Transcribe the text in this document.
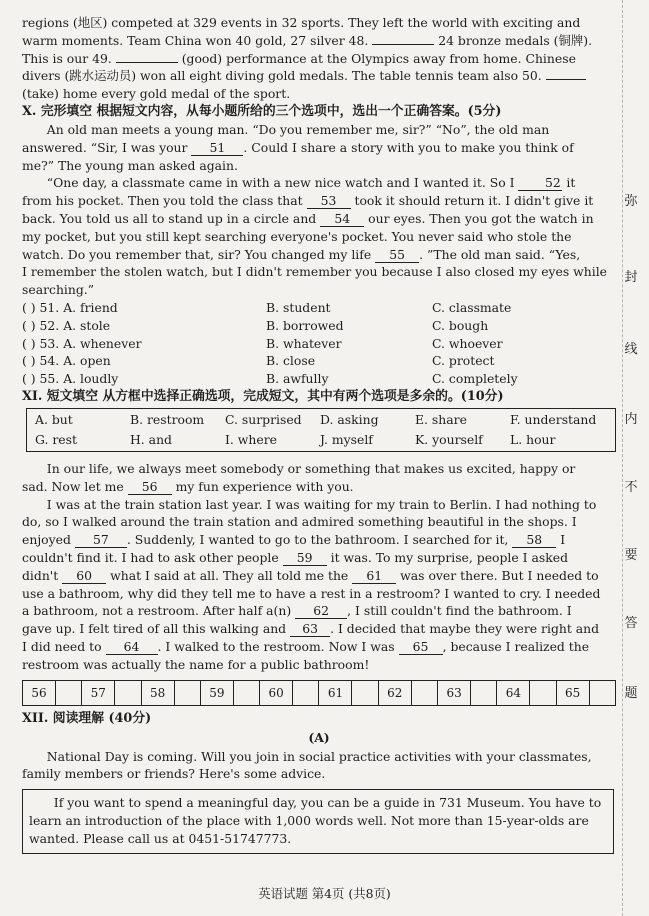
regions (地区) competed at 329 events in 32 sports. They left the world with exciting and

warm moments. Team China won 40 gold, 27 silver 48.	24 bronze medals (铜牌).

This is our 49.	(good) performance at the Olympics away from home. Chinese

divers (跳水运动员) won all eight diving gold medals. The table tennis team also 50.

(take) home every gold medal of the sport.

X. 完形填空 根据短文内容，从每小题所给的三个选项中，选出一个正确答案。(5分)

An old man meets a young man. “Do you remember me, sir?” “No”, the old man

answered. “Sir, I was your 51 . Could I share a story with you to make you think of

me?” The young man asked again.

“One day, a classmate came in with a new nice watch and I wanted it. So I 52 it

from his pocket. Then you told the class that 53 took it should return it. I didn't give it

back. You told us all to stand up in a circle and 54 our eyes. Then you got the watch in

my pocket, but you still kept searching everyone's pocket. You never said who stole the

watch. Do you remember that, sir? You changed my life 55 . ”The old man said. “Yes,

I remember the stolen watch, but I didn't remember you because I also closed my eyes while

searching.”

( ) 51. A. friend	B. student	C. classmate
( ) 52. A. stole	B. borrowed	C. bough
( ) 53. A. whenever	B. whatever	C. whoever
( ) 54. A. open	B. close	C. protect
( ) 55. A. loudly	B. awfully	C. completely
XI. 短文填空 从方框中选择正确选项，完成短文，其中有两个选项是多余的。(10分)
A. but	B. restroom	C. surprised	D. asking	E. share	F. understand
G. rest	H. and	I. where	J. myself	K. yourself	L. hour

In our life, we always meet somebody or something that makes us excited, happy or

sad. Now let me 56 my fun experience with you.

I was at the train station last year. I was waiting for my train to Berlin. I had nothing to

do, so I walked around the train station and admired something beautiful in the shops. I

enjoyed 57 . Suddenly, I wanted to go to the bathroom. I searched for it, 58 I

couldn't find it. I had to ask other people 59 it was. To my surprise, people I asked

didn't 60 what I said at all. They all told me the 61 was over there. But I needed to

use a bathroom, why did they tell me to have a rest in a restroom? I wanted to cry. I needed

a bathroom, not a restroom. After half a(n) 62 , I still couldn't find the bathroom. I

gave up. I felt tired of all this walking and 63 . I decided that maybe they were right and

I did need to 64 . I walked to the restroom. Now I was 65 , because I realized the

restroom was actually the name for a public bathroom!

56	57	58	59	60	61	62	63	64	65
XII. 阅读理解 (40分)
(A)

National Day is coming. Will you join in social practice activities with your classmates,

family members or friends? Here's some advice.

If you want to spend a meaningful day, you can be a guide in 731 Museum. You have to

learn an introduction of the place with 1,000 words well. Not more than 15-year-olds are

wanted. Please call us at 0451-51747773.

弥
封
线
内
不
要
答
题
英语试题 第4页 (共8页)
